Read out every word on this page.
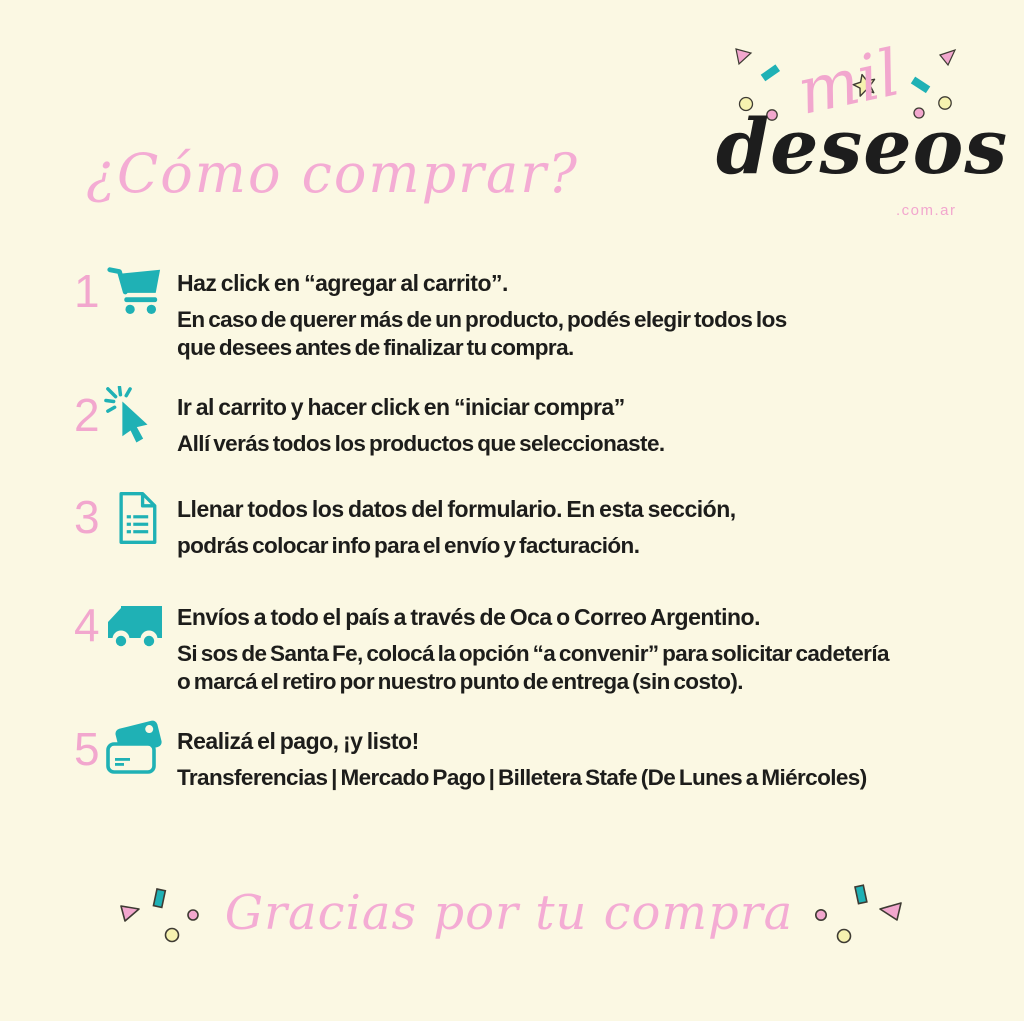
¿Cómo comprar?
mil
deseos
.com.ar
1	Haz click en “agregar al carrito”.
En caso de querer más de un producto, podés elegir todos los
que desees antes de finalizar tu compra.
2	Ir al carrito y hacer click en “iniciar compra”
Allí verás todos los productos que seleccionaste.
3	Llenar todos los datos del formulario. En esta sección,
podrás colocar info para el envío y facturación.
4	Envíos a todo el país a través de Oca o Correo Argentino.
Si sos de Santa Fe, colocá la opción “a convenir” para solicitar cadetería
o marcá el retiro por nuestro punto de entrega (sin costo).
5	Realizá el pago, ¡y listo!
Transferencias | Mercado Pago | Billetera Stafe (De Lunes a Miércoles)
Gracias por tu compra
